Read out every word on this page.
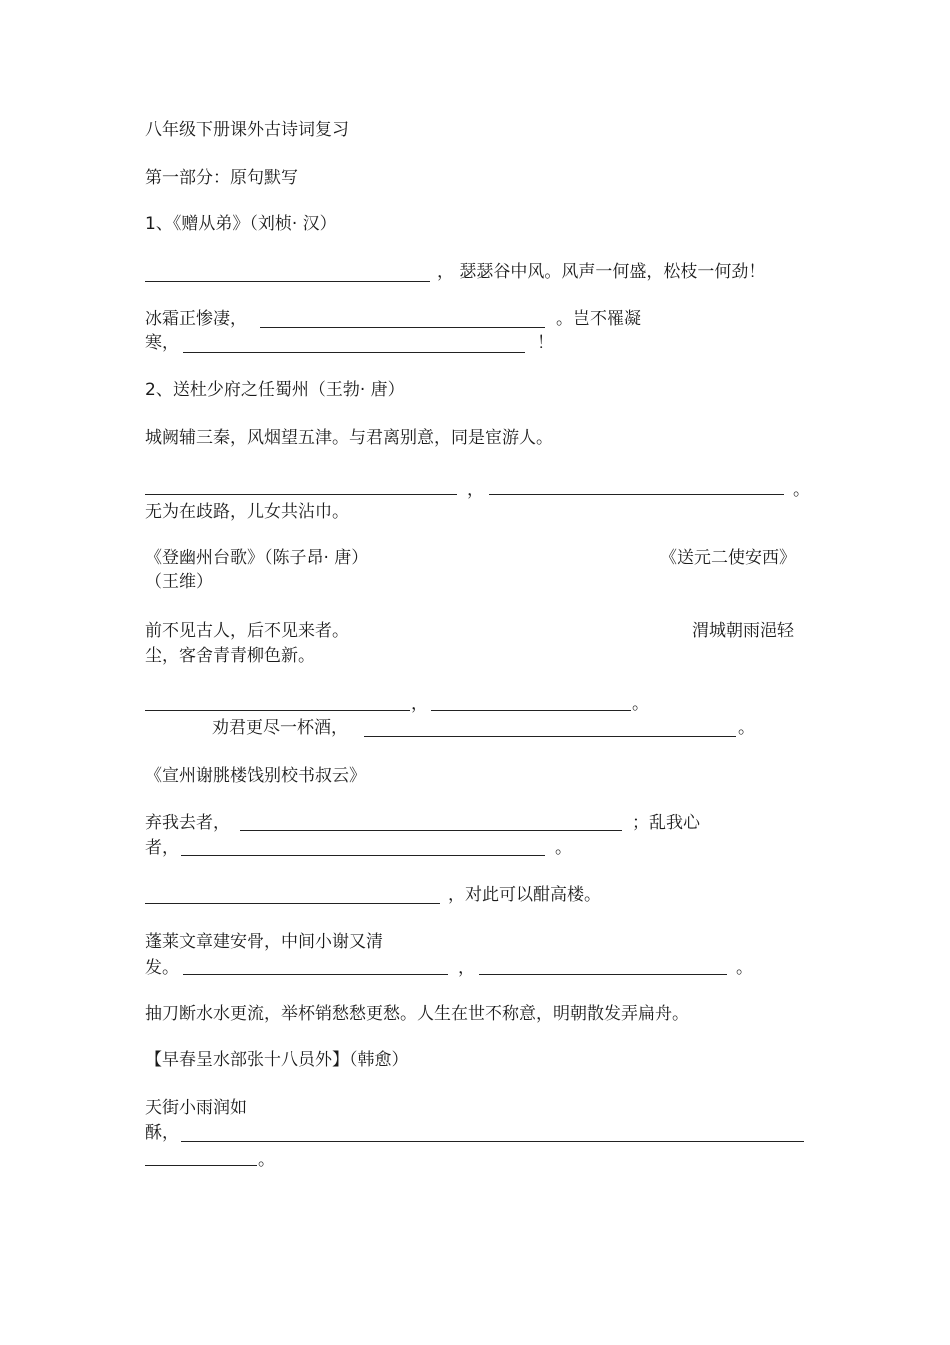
八年级下册课外古诗词复习
第一部分：原句默写
1、《赠从弟》（刘桢· 汉）
， 瑟瑟谷中风。风声一何盛，松枝一何劲！
冰霜正惨凄，	。岂不罹凝
寒，	！
2、送杜少府之任蜀州（王勃· 唐）
城阙辅三秦，风烟望五津。与君离别意，同是宦游人。
，	。
无为在歧路，儿女共沾巾。
《登幽州台歌》（陈子昂· 唐）	《送元二使安西》
（王维）
前不见古人，后不见来者。	渭城朝雨浥轻
尘，客舍青青柳色新。
，	。
劝君更尽一杯酒，	。
《宣州谢朓楼饯别校书叔云》
弃我去者，	；乱我心
者，	。
，对此可以酣高楼。
蓬莱文章建安骨，中间小谢又清
发。	，	。
抽刀断水水更流，举杯销愁愁更愁。人生在世不称意，明朝散发弄扁舟。
【早春呈水部张十八员外】（韩愈）
天街小雨润如
酥，
。
